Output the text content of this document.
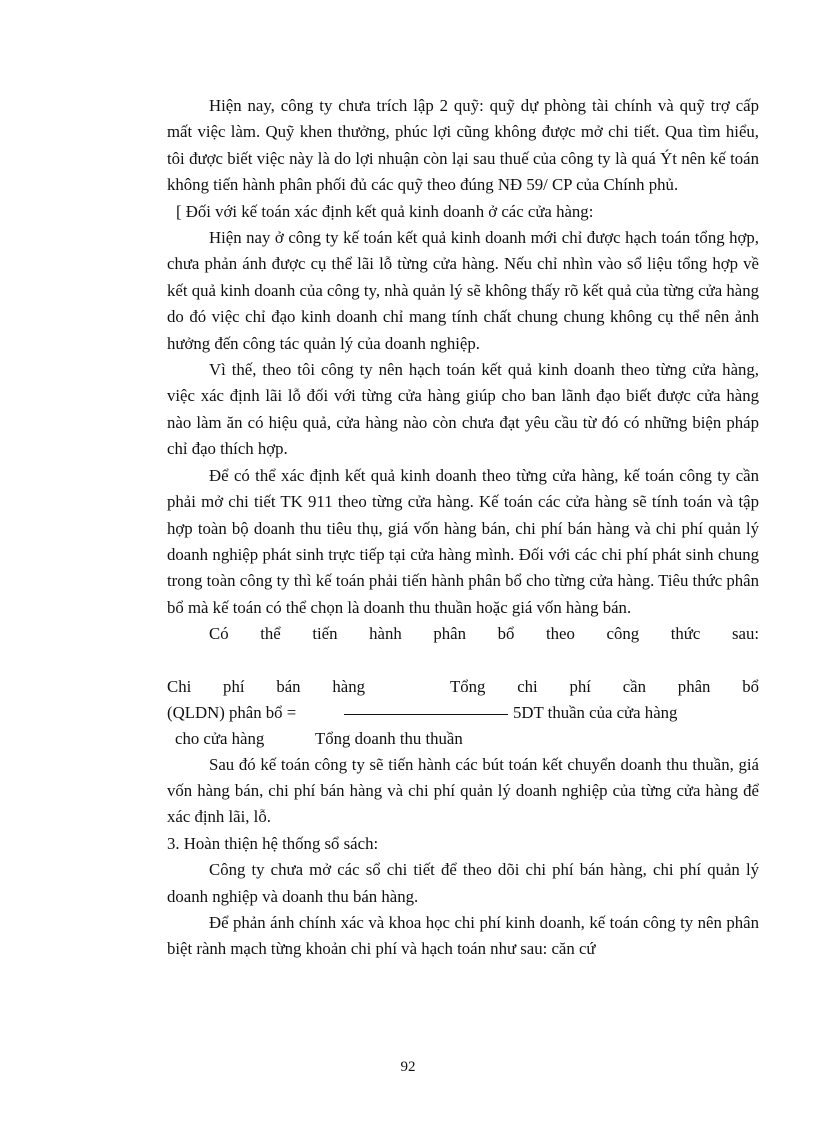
Hiện nay, công ty chưa trích lập 2 quỹ: quỹ dự phòng tài chính và quỹ trợ cấp mất việc làm. Quỹ khen thưởng, phúc lợi cũng không được mở chi tiết. Qua tìm hiểu, tôi được biết việc này là do lợi nhuận còn lại sau thuế của công ty là quá Ýt nên kế toán không tiến hành phân phối đủ các quỹ theo đúng NĐ 59/ CP của Chính phủ.

[ Đối với kế toán xác định kết quả kinh doanh ở các cửa hàng:

Hiện nay ở công ty kế toán kết quả kinh doanh mới chỉ được hạch toán tổng hợp, chưa phản ánh được cụ thể lãi lỗ từng cửa hàng. Nếu chỉ nhìn vào sổ liệu tổng hợp về kết quả kinh doanh của công ty, nhà quản lý sẽ không thấy rõ kết quả của từng cửa hàng do đó việc chỉ đạo kinh doanh chỉ mang tính chất chung chung không cụ thể nên ảnh hưởng đến công tác quản lý của doanh nghiệp.

Vì thế, theo tôi công ty nên hạch toán kết quả kinh doanh theo từng cửa hàng, việc xác định lãi lỗ đối với từng cửa hàng giúp cho ban lãnh đạo biết được cửa hàng nào làm ăn có hiệu quả, cửa hàng nào còn chưa đạt yêu cầu từ đó có những biện pháp chỉ đạo thích hợp.

Để có thể xác định kết quả kinh doanh theo từng cửa hàng, kế toán công ty cần phải mở chi tiết TK 911 theo từng cửa hàng. Kế toán các cửa hàng sẽ tính toán và tập hợp toàn bộ doanh thu tiêu thụ, giá vốn hàng bán, chi phí bán hàng và chi phí quản lý doanh nghiệp phát sinh trực tiếp tại cửa hàng mình. Đối với các chi phí phát sinh chung trong toàn công ty thì kế toán phải tiến hành phân bổ cho từng cửa hàng. Tiêu thức phân bổ mà kế toán có thể chọn là doanh thu thuần hoặc giá vốn hàng bán.

Có thể tiến hành phân bổ theo công thức sau:

Chi phí bán hàng	Tổng chi phí cần phân bổ
(QLDN) phân bổ =	5DT thuần của cửa hàng
cho cửa hàng	Tổng doanh thu thuần

Sau đó kế toán công ty sẽ tiến hành các bút toán kết chuyển doanh thu thuần, giá vốn hàng bán, chi phí bán hàng và chi phí quản lý doanh nghiệp của từng cửa hàng để xác định lãi, lỗ.

3. Hoàn thiện hệ thống sổ sách:

Công ty chưa mở các sổ chi tiết để theo dõi chi phí bán hàng, chi phí quản lý doanh nghiệp và doanh thu bán hàng.

Để phản ánh chính xác và khoa học chi phí kinh doanh, kế toán công ty nên phân biệt rành mạch từng khoản chi phí và hạch toán như sau: căn cứ

92
